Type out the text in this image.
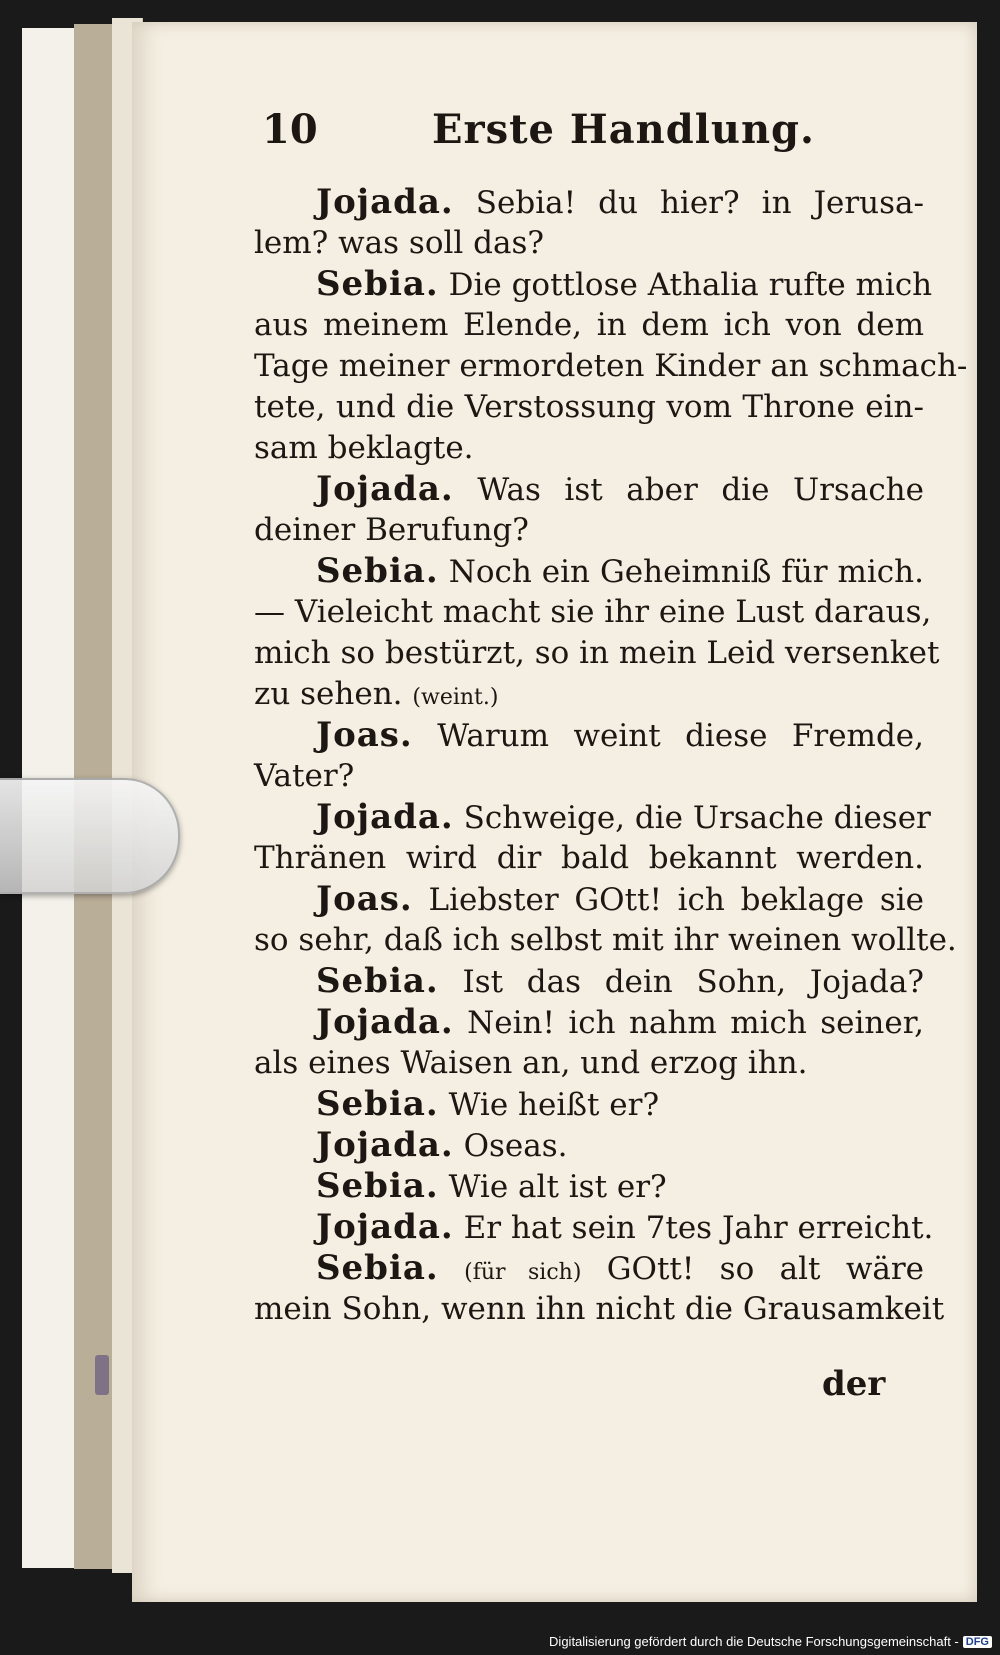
10	Erste Handlung.
Jojada. Sebia! du hier? in Jerusa-
lem? was soll das?
Sebia. Die gottlose Athalia rufte mich
aus meinem Elende, in dem ich von dem
Tage meiner ermordeten Kinder an schmach-
tete, und die Verstossung vom Throne ein-
sam beklagte.
Jojada. Was ist aber die Ursache
deiner Berufung?
Sebia. Noch ein Geheimniß für mich.
— Vieleicht macht sie ihr eine Lust daraus,
mich so bestürzt, so in mein Leid versenket
zu sehen. (weint.)
Joas. Warum weint diese Fremde,
Vater?
Jojada. Schweige, die Ursache dieser
Thränen wird dir bald bekannt werden.
Joas. Liebster GOtt! ich beklage sie
so sehr, daß ich selbst mit ihr weinen wollte.
Sebia. Ist das dein Sohn, Jojada?
Jojada. Nein! ich nahm mich seiner,
als eines Waisen an, und erzog ihn.
Sebia. Wie heißt er?
Jojada. Oseas.
Sebia. Wie alt ist er?
Jojada. Er hat sein 7tes Jahr erreicht.
Sebia. (für sich) GOtt! so alt wäre
mein Sohn, wenn ihn nicht die Grausamkeit
der
Digitalisierung gefördert durch die Deutsche Forschungsgemeinschaft - DFG
